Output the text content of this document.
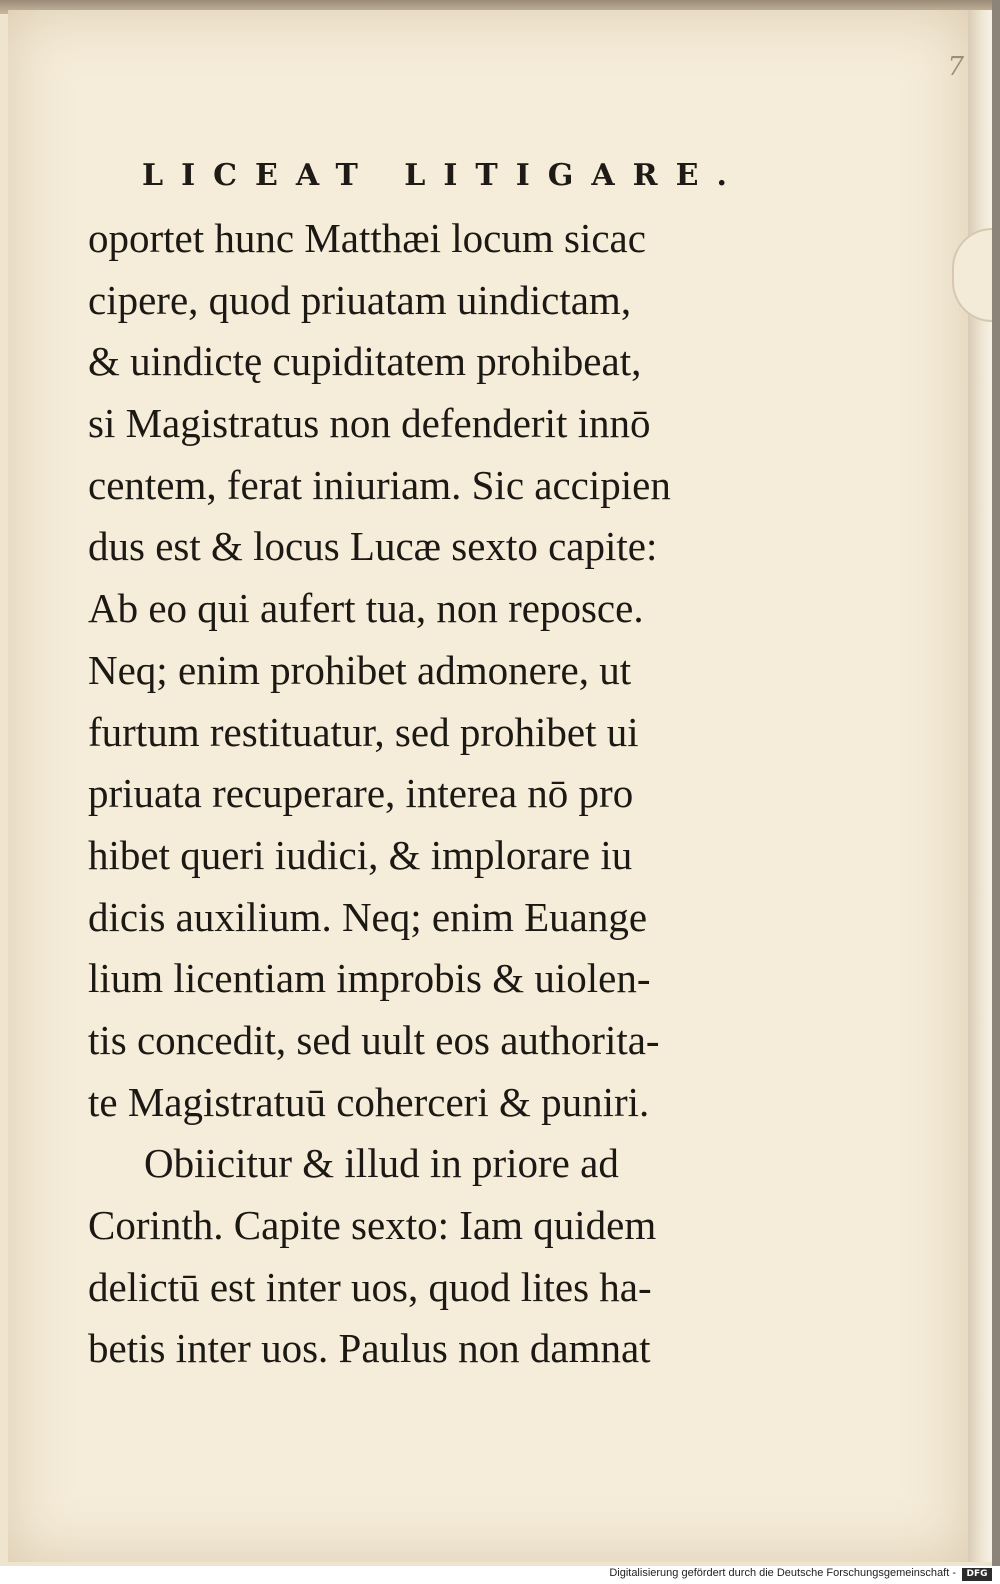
7
LICEAT LITIGARE.
oportet hunc Matthæi locum sicac
cipere, quod priuatam uindictam,
& uindictę cupiditatem prohibeat,
si Magistratus non defenderit innō
centem, ferat iniuriam. Sic accipien
dus est & locus Lucæ sexto capite:
Ab eo qui aufert tua, non reposce.
Neq; enim prohibet admonere, ut
furtum restituatur, sed prohibet ui
priuata recuperare, interea nō pro
hibet queri iudici, & implorare iu
dicis auxilium. Neq; enim Euange
lium licentiam improbis & uiolen-
tis concedit, sed uult eos authorita-
te Magistratuū coherceri & puniri.
Obiicitur & illud in priore ad
Corinth. Capite sexto: Iam quidem
delictū est inter uos, quod lites ha-
betis inter uos. Paulus non damnat
Digitalisierung gefördert durch die Deutsche Forschungsgemeinschaft -	DFG
